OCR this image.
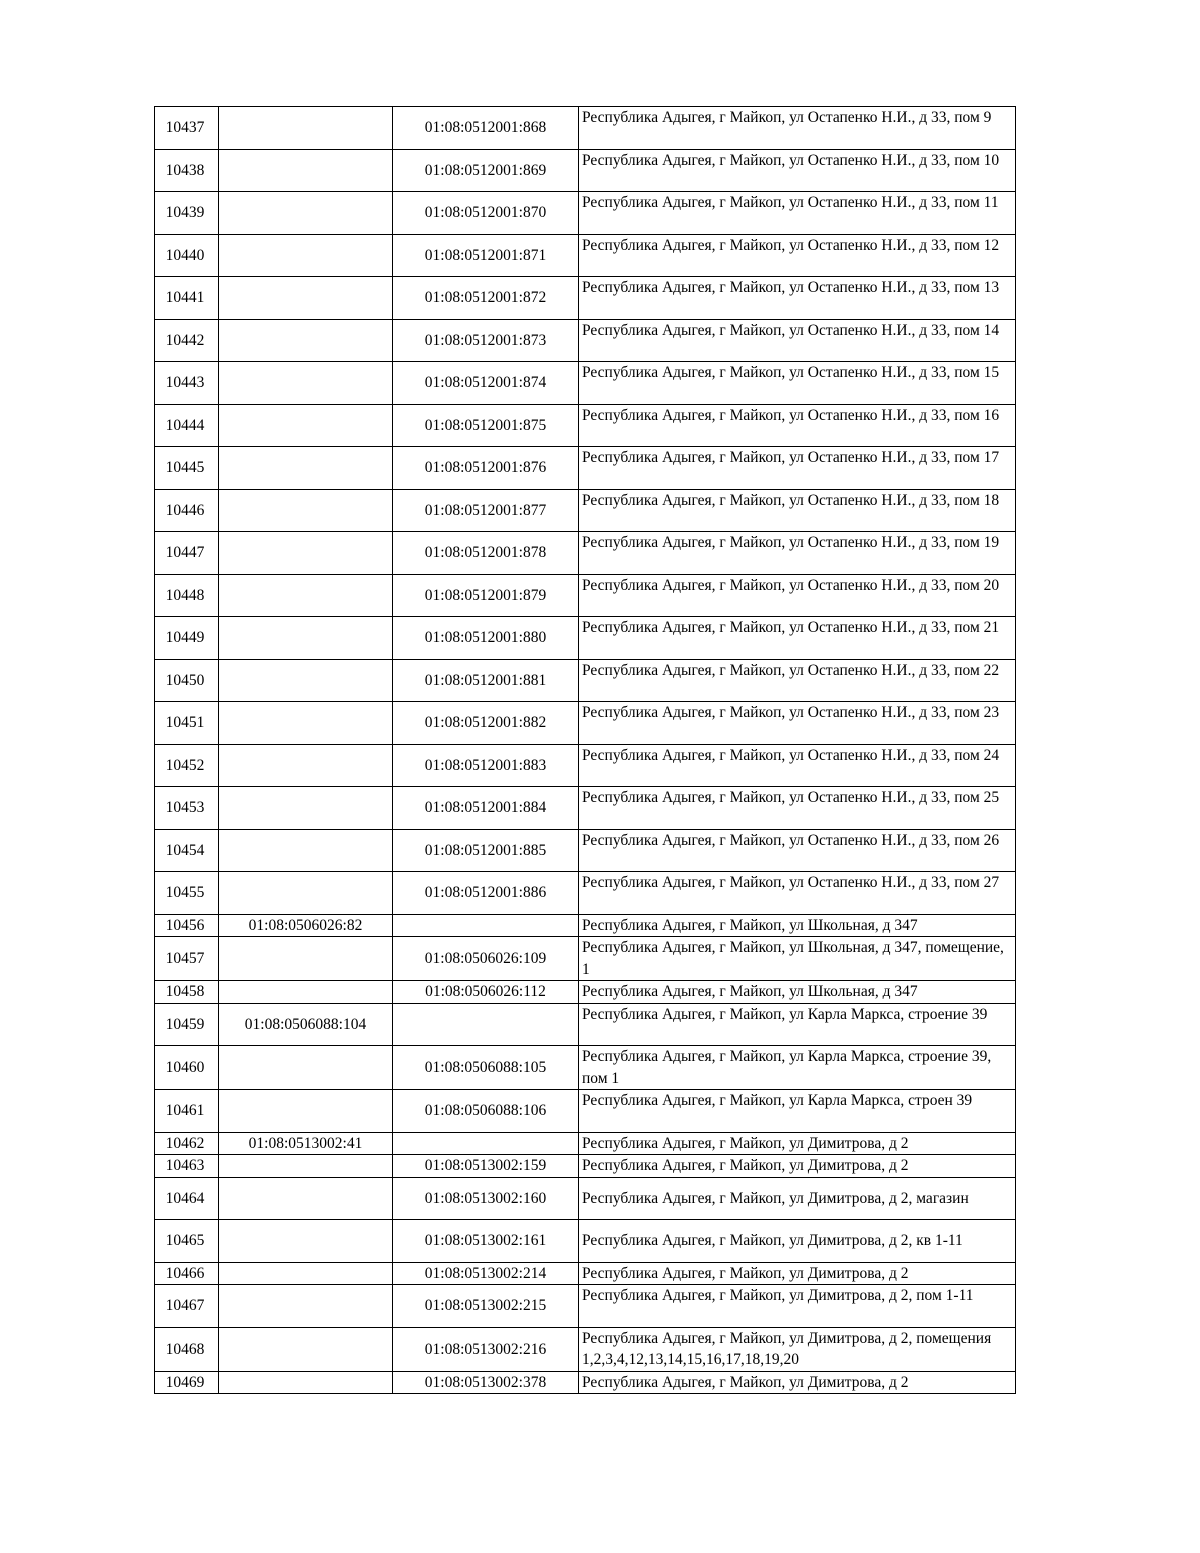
10437		01:08:0512001:868	Республика Адыгея, г Майкоп, ул Остапенко Н.И., д 33, пом 9
10438		01:08:0512001:869	Республика Адыгея, г Майкоп, ул Остапенко Н.И., д 33, пом 10
10439		01:08:0512001:870	Республика Адыгея, г Майкоп, ул Остапенко Н.И., д 33, пом 11
10440		01:08:0512001:871	Республика Адыгея, г Майкоп, ул Остапенко Н.И., д 33, пом 12
10441		01:08:0512001:872	Республика Адыгея, г Майкоп, ул Остапенко Н.И., д 33, пом 13
10442		01:08:0512001:873	Республика Адыгея, г Майкоп, ул Остапенко Н.И., д 33, пом 14
10443		01:08:0512001:874	Республика Адыгея, г Майкоп, ул Остапенко Н.И., д 33, пом 15
10444		01:08:0512001:875	Республика Адыгея, г Майкоп, ул Остапенко Н.И., д 33, пом 16
10445		01:08:0512001:876	Республика Адыгея, г Майкоп, ул Остапенко Н.И., д 33, пом 17
10446		01:08:0512001:877	Республика Адыгея, г Майкоп, ул Остапенко Н.И., д 33, пом 18
10447		01:08:0512001:878	Республика Адыгея, г Майкоп, ул Остапенко Н.И., д 33, пом 19
10448		01:08:0512001:879	Республика Адыгея, г Майкоп, ул Остапенко Н.И., д 33, пом 20
10449		01:08:0512001:880	Республика Адыгея, г Майкоп, ул Остапенко Н.И., д 33, пом 21
10450		01:08:0512001:881	Республика Адыгея, г Майкоп, ул Остапенко Н.И., д 33, пом 22
10451		01:08:0512001:882	Республика Адыгея, г Майкоп, ул Остапенко Н.И., д 33, пом 23
10452		01:08:0512001:883	Республика Адыгея, г Майкоп, ул Остапенко Н.И., д 33, пом 24
10453		01:08:0512001:884	Республика Адыгея, г Майкоп, ул Остапенко Н.И., д 33, пом 25
10454		01:08:0512001:885	Республика Адыгея, г Майкоп, ул Остапенко Н.И., д 33, пом 26
10455		01:08:0512001:886	Республика Адыгея, г Майкоп, ул Остапенко Н.И., д 33, пом 27
10456	01:08:0506026:82		Республика Адыгея, г Майкоп, ул Школьная, д 347
10457		01:08:0506026:109	Республика Адыгея, г Майкоп, ул Школьная, д 347, помещение, 1
10458		01:08:0506026:112	Республика Адыгея, г Майкоп, ул Школьная, д 347
10459	01:08:0506088:104		Республика Адыгея, г Майкоп, ул Карла Маркса, строение 39
10460		01:08:0506088:105	Республика Адыгея, г Майкоп, ул Карла Маркса, строение 39, пом 1
10461		01:08:0506088:106	Республика Адыгея, г Майкоп, ул Карла Маркса, строен 39
10462	01:08:0513002:41		Республика Адыгея, г Майкоп, ул Димитрова, д 2
10463		01:08:0513002:159	Республика Адыгея, г Майкоп, ул Димитрова, д 2
10464		01:08:0513002:160	Республика Адыгея, г Майкоп, ул Димитрова, д 2, магазин
10465		01:08:0513002:161	Республика Адыгея, г Майкоп, ул Димитрова, д 2, кв 1-11
10466		01:08:0513002:214	Республика Адыгея, г Майкоп, ул Димитрова, д 2
10467		01:08:0513002:215	Республика Адыгея, г Майкоп, ул Димитрова, д 2, пом 1-11
10468		01:08:0513002:216	Республика Адыгея, г Майкоп, ул Димитрова, д 2, помещения 1,2,3,4,12,13,14,15,16,17,18,19,20
10469		01:08:0513002:378	Республика Адыгея, г Майкоп, ул Димитрова, д 2
